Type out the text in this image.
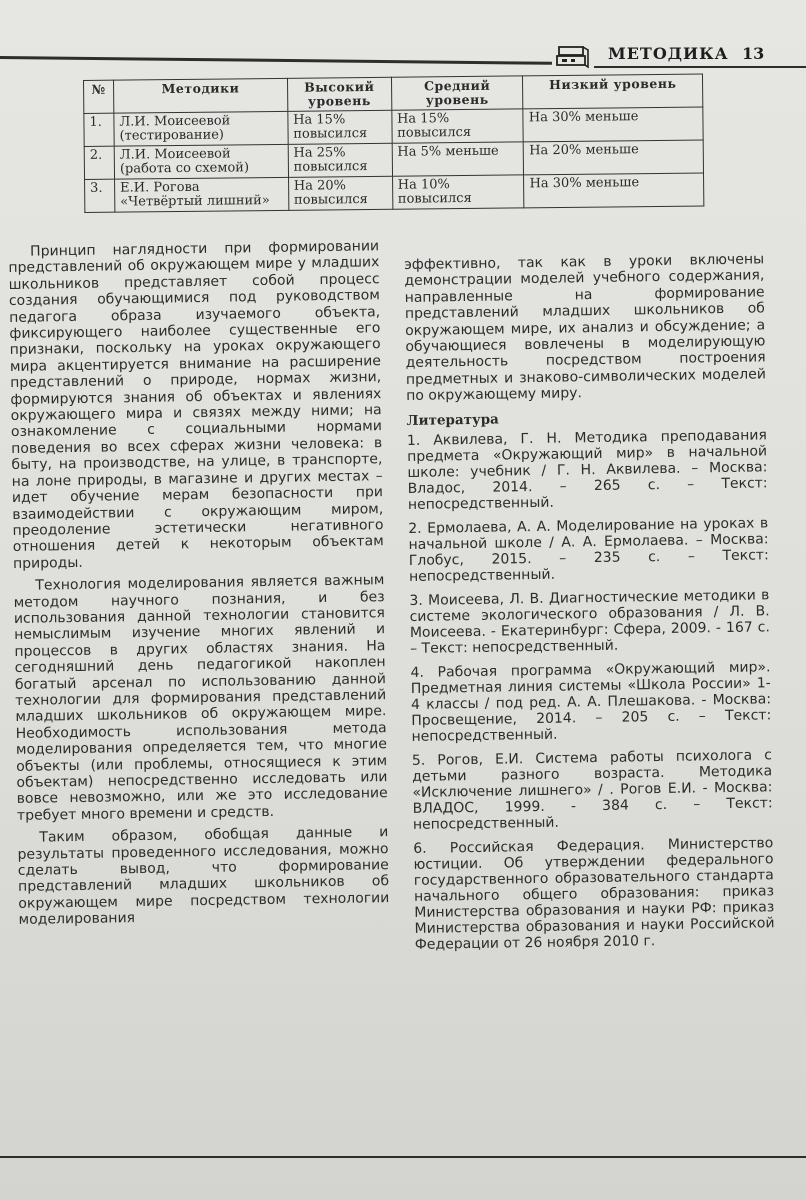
МЕТОДИКА 13
№	Методики	Высокий уровень	Средний уровень	Низкий уровень
1.	Л.И. Моисеевой (тестирование)	На 15% повысился	На 15% повысился	На 30% меньше
2.	Л.И. Моисеевой (работа со схемой)	На 25% повысился	На 5% меньше	На 20% меньше
3.	Е.И. Рогова «Четвёртый лишний»	На 20% повысился	На 10% повысился	На 30% меньше

Принцип наглядности при формировании представлений об окружающем мире у младших школьников представляет собой процесс создания обучающимися под руководством педагога образа изучаемого объекта, фиксирующего наиболее существенные его признаки, поскольку на уроках окружающего мира акцентируется внимание на расширение представлений о природе, нормах жизни, формируются знания об объектах и явлениях окружающего мира и связях между ними; на ознакомление с социальными нормами поведения во всех сферах жизни человека: в быту, на производстве, на улице, в транспорте, на лоне природы, в магазине и других местах – идет обучение мерам безопасности при взаимодействии с окружающим миром, преодоление эстетически негативного отношения детей к некоторым объектам природы.

Технология моделирования является важным методом научного познания, и без использования данной технологии становится немыслимым изучение многих явлений и процессов в других областях знания. На сегодняшний день педагогикой накоплен богатый арсенал по использованию данной технологии для формирования представлений младших школьников об окружающем мире. Необходимость использования метода моделирования определяется тем, что многие объекты (или проблемы, относящиеся к этим объектам) непосредственно исследовать или вовсе невозможно, или же это исследование требует много времени и средств.

Таким образом, обобщая данные и результаты проведенного исследования, можно сделать вывод, что формирование представлений младших школьников об окружающем мире посредством технологии моделирования

эффективно, так как в уроки включены демонстрации моделей учебного содержания, направленные на формирование представлений младших школьников об окружающем мире, их анализ и обсуждение; а обучающиеся вовлечены в моделирующую деятельность посредством построения предметных и знаково-символических моделей по окружающему миру.

Литература

1. Аквилева, Г. Н. Методика преподавания предмета «Окружающий мир» в начальной школе: учебник / Г. Н. Аквилева. – Москва: Владос, 2014. – 265 с. – Текст: непосредственный.

2. Ермолаева, А. А. Моделирование на уроках в начальной школе / А. А. Ермолаева. – Москва: Глобус, 2015. – 235 с. – Текст: непосредственный.

3. Моисеева, Л. В. Диагностические методики в системе экологического образования / Л. В. Моисеева. - Екатеринбург: Сфера, 2009. - 167 с. – Текст: непосредственный.

4. Рабочая программа «Окружающий мир». Предметная линия системы «Школа России» 1-4 классы / под ред. А. А. Плешакова. - Москва: Просвещение, 2014. – 205 с. – Текст: непосредственный.

5. Рогов, Е.И. Система работы психолога с детьми разного возраста. Методика «Исключение лишнего» / . Рогов Е.И. - Москва: ВЛАДОС, 1999. - 384 с. – Текст: непосредственный.

6. Российская Федерация. Министерство юстиции. Об утверждении федерального государственного образовательного стандарта начального общего образования: приказ Министерства образования и науки РФ: приказ Министерства образования и науки Российской Федерации от 26 ноября 2010 г.
